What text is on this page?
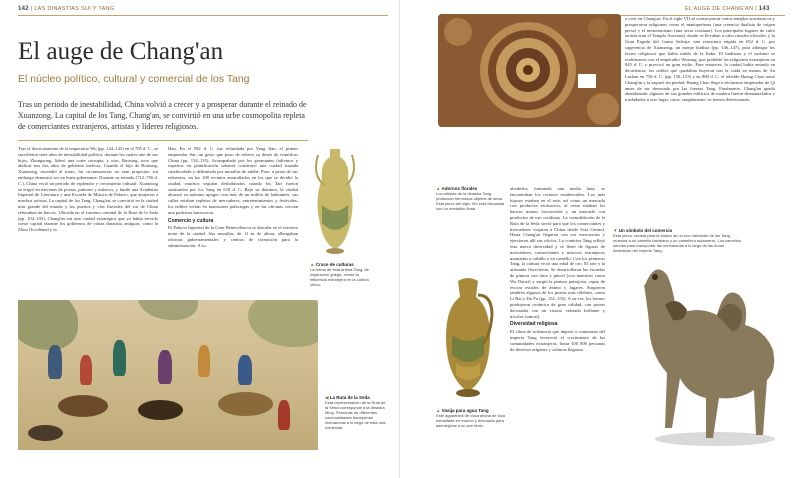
142 | LAS DINASTÍAS SUI Y TANG
El auge de Chang'an
El núcleo político, cultural y comercial de los Tang
Tras un periodo de inestabilidad, China volvió a crecer y a prosperar durante el reinado de Xuanzong. La capital de los Tang, Chang'an, se convirtió en una urbe cosmopolita repleta de comerciantes extranjeros, artistas y líderes religiosos.
Tras el derrocamiento de la emperatriz Wu (pp. 144–145) en el 705 d. C., se sucedieron siete años de inestabilidad política, durante los cuales uno de sus hijos, Zhongzong, lideró una corte corrupta, y otro, Ruizong, tuvo que abdicar tras dos años de gobierno ineficaz. Cuando el hijo de Ruizong, Xuanzong, ascendió al trono, las circunstancias no eran propicias; sin embargo demostró ser un buen gobernante. Durante su reinado (712–756 d. C.), China vivió un periodo de esplendor y crecimiento cultural. Xuanzong se erigió en mecenas de poetas, pintores y músicos, y fundó una Academia Imperial de Literatura y una Escuela de Música de Palacio, que atrajeron a muchos artistas. La capital de los Tang, Chang'an, se convirtió en la ciudad más grande del mundo y los puertos y vías fluviales del sur de China rebosaban de barcos. Ubicada en el extremo oriental de la Ruta de la Seda (pp. 102–103), Chang'an era una ciudad estratégica que ya había servido como capital durante los gobiernos de varias dinastías antiguas, como la Zhou Occidental y la
Han. En el 582 d. C. fue refundada por Yang Jian, el primer emperador Sui, un gesto que puso de relieve su deseo de reunificar China (pp. 134–135). Acompañado por los geomantes (adivinos y expertos en planificación urbana) construyó una ciudad trazada cuadriculada y delimitada por murallas de adobe. Pero, a pesar de sus esfuerzos, en los 108 recintos amurallados en los que se dividió la ciudad, muchos seguían deshabitados cuando los Tari fueron sustituidos por los Tang en 618 d. C. Bajo su dominio, la ciudad alcanzó su máximo apogeo con más de un millón de habitantes, sus calles estaban repletas de mercaderes, entretenimientos y festivales; los nobles vivían en mansiones palaciegas y en las oficinas crecían una poderosa burocracia.
Comercio y cultura
El Palacio Imperial de la Gran Benevolencia se ubicaba en el extremo norte de la ciudad. Sus murallas, de 11 m de altura, albergaban oficinas gubernamentales y centros de formación para la administración. A su
▲ Cruce de culturas
La forma de esta ánfora Tang, de inspiración griega, revela la influencia extranjera en la cultura china.
◀ La Ruta de la Seda
Esta representación de la Ruta de la Seda corresponde a la dinastía Ming. Personas de diferentes nacionalidades transportan mercancías a lo largo de esta ruta comercial.
EL AUGE DE CHANG'AN | 143
▲ Adornos florales
Los artistas de la dinastía Tang producían hermosos objetos de seda. Esta pieza del siglo XIII está decorada con un medallón floral.
alrededor, formando una media luna, se encontraban los recintos residenciales. Los más lujosos estaban en el este, así como un mercado con productos exclusivos; al oeste estaban los barrios menos favorecidos y un mercado con productos de uso cotidiano. La consolidación de la Ruta de la Seda sirvió para que los comerciantes y mercaderes viajaran a China desde Asia Central. Hasta Chang'an llegaron con sus mercancías y ejercieron allí sus oficios. La comitiva Tang reflejó esta nueva diversidad y se llenó de figuras de mercaderes, comerciantes y músicos extranjeros montados a caballo o en camello. Con los primeros Tang, la cultura vivió una edad de oro. El arte y la artesanía florecieron. Se desarrollaron las escuelas de pintura con tinta y pincel (con maestros como Wu Daozi) y surgió la pintura paisajista, capaz de evocar estados de ánimo y lugares. Surgieron también algunos de los poetas más célebres, como Li Bai y Du Fu (pp. 154–155). A su vez, los hornos produjeron cerámica de gran calidad, con piezas decoradas con un vistoso vidriado brillante y tricolor (sancai).
Diversidad religiosa
El clima de tolerancia que imperó a comienzos del imperio Tang favoreció el crecimiento de las comunidades extranjeras; hasta 100 000 personas de diversos orígenes y culturas llegaron
a vivir en Chang'an. En el siglo VII se construyeron varios templos zoroástricos y prosperaron religiones como el maniqueísmo (una creencia dualista de origen persa) y el nestorianismo (una secta cristiana). Los principales lugares de culto taoísta eran el Templo Ancestral, donde se llevaban a cabo rituales oficiales, y la Gran Pagoda del Ganso Salvaje, una estructura erigida en 652 d. C. por sugerencia de Xuanzang, un monje budista (pp. 146–147), para albergar los textos religiosos que había traído de la India. El budismo y el taoísmo se reafirmaron con el emperador Wuzong, que prohibió las religiones extranjeras en 845 d. C. y provocó un gran exilio. Para entonces, la ciudad había entrado en decadencia; los nobles que quedaban huyeron tras la caída en manos de An Lushan en 756 d. C. (pp. 150–153) y en 880 d. C. el rebelde Huang Chao tomó Chang'an y la saqueó sin piedad. Huang Chao llegó a declararse emperador de Qi antes de ser derrotado por las fuerzas Tang. Finalmente, Chang'an quedó abandonada: algunos de sus grandes edificios de madera fueron desmantelados y trasladados a otro lugar; otros, simplemente, se fueron deteriorando.
▼ Un símbolo del comercio
Esta pieza, creada para la tumba de un rico mercader de los Tang, muestra a un camello bactriano y un camellero sufarnerro. Los camellos servían para transportar las mercancías a lo largo de las duras desérticas del imperio Tang.
▲ Vasija para agua Tang
Este aguamanil de boca ancha de loza esmaltada en marrón y decorada para asemejarse a un ave fénix.
